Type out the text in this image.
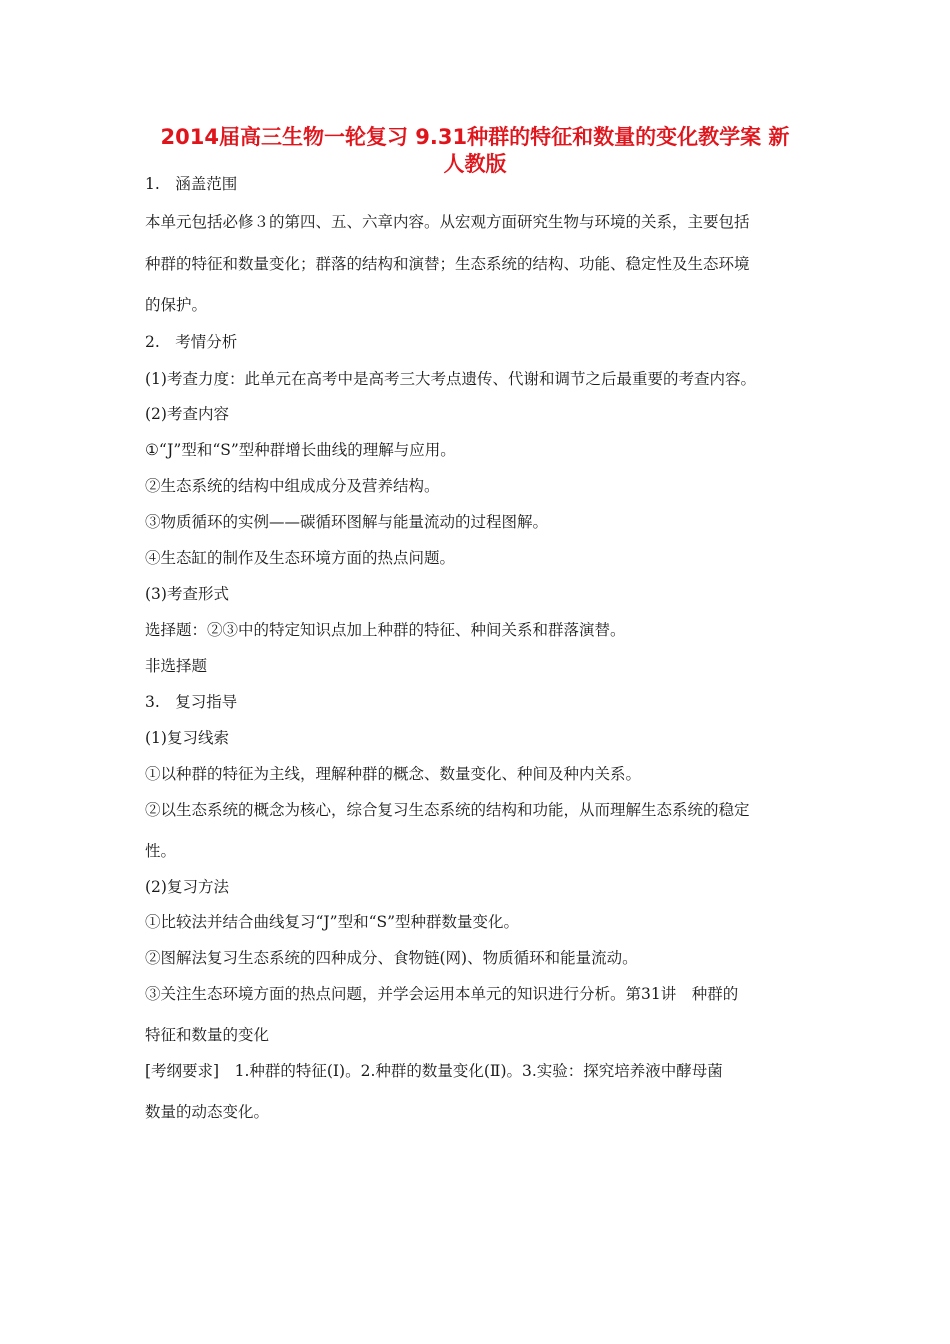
2014届高三生物一轮复习 9.31种群的特征和数量的变化教学案 新
人教版
1.　涵盖范围
本单元包括必修３的第四、五、六章内容。从宏观方面研究生物与环境的关系，主要包括
种群的特征和数量变化；群落的结构和演替；生态系统的结构、功能、稳定性及生态环境
的保护。
2.　考情分析
(1)考查力度：此单元在高考中是高考三大考点遗传、代谢和调节之后最重要的考查内容。
(2)考查内容
①“J”型和“S”型种群增长曲线的理解与应用。
②生态系统的结构中组成成分及营养结构。
③物质循环的实例——碳循环图解与能量流动的过程图解。
④生态缸的制作及生态环境方面的热点问题。
(3)考查形式
选择题：②③中的特定知识点加上种群的特征、种间关系和群落演替。
非选择题
3.　复习指导
(1)复习线索
①以种群的特征为主线，理解种群的概念、数量变化、种间及种内关系。
②以生态系统的概念为核心，综合复习生态系统的结构和功能，从而理解生态系统的稳定
性。
(2)复习方法
①比较法并结合曲线复习“J”型和“S”型种群数量变化。
②图解法复习生态系统的四种成分、食物链(网)、物质循环和能量流动。
③关注生态环境方面的热点问题，并学会运用本单元的知识进行分析。第31讲　种群的
特征和数量的变化
[考纲要求]　1.种群的特征(Ⅰ)。2.种群的数量变化(Ⅱ)。3.实验：探究培养液中酵母菌
数量的动态变化。
